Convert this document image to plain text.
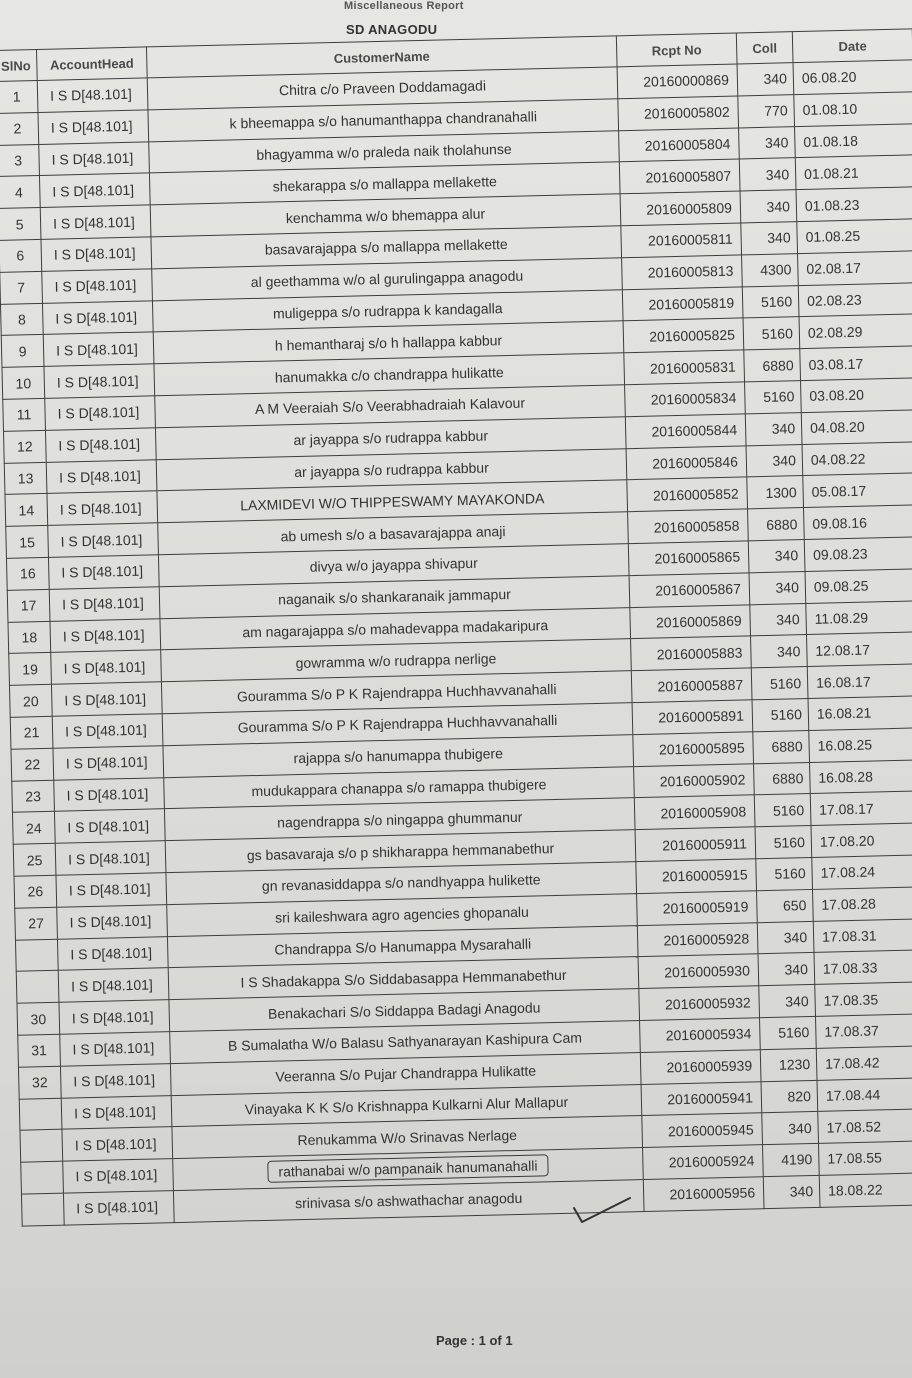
Miscellaneous Report
SD ANAGODU
SlNo	AccountHead	CustomerName	Rcpt No	Coll	Date
1	I S D[48.101]	Chitra c/o Praveen Doddamagadi	20160000869	340	06.08.20
2	I S D[48.101]	k bheemappa s/o hanumanthappa chandranahalli	20160005802	770	01.08.10
3	I S D[48.101]	bhagyamma w/o praleda naik tholahunse	20160005804	340	01.08.18
4	I S D[48.101]	shekarappa s/o mallappa mellakette	20160005807	340	01.08.21
5	I S D[48.101]	kenchamma w/o bhemappa alur	20160005809	340	01.08.23
6	I S D[48.101]	basavarajappa s/o mallappa mellakette	20160005811	340	01.08.25
7	I S D[48.101]	al geethamma w/o al gurulingappa anagodu	20160005813	4300	02.08.17
8	I S D[48.101]	muligeppa s/o rudrappa k kandagalla	20160005819	5160	02.08.23
9	I S D[48.101]	h hemantharaj s/o h hallappa kabbur	20160005825	5160	02.08.29
10	I S D[48.101]	hanumakka c/o chandrappa hulikatte	20160005831	6880	03.08.17
11	I S D[48.101]	A M Veeraiah S/o Veerabhadraiah Kalavour	20160005834	5160	03.08.20
12	I S D[48.101]	ar jayappa s/o rudrappa kabbur	20160005844	340	04.08.20
13	I S D[48.101]	ar jayappa s/o rudrappa kabbur	20160005846	340	04.08.22
14	I S D[48.101]	LAXMIDEVI W/O THIPPESWAMY MAYAKONDA	20160005852	1300	05.08.17
15	I S D[48.101]	ab umesh s/o a basavarajappa anaji	20160005858	6880	09.08.16
16	I S D[48.101]	divya w/o jayappa shivapur	20160005865	340	09.08.23
17	I S D[48.101]	naganaik s/o shankaranaik jammapur	20160005867	340	09.08.25
18	I S D[48.101]	am nagarajappa s/o mahadevappa madakaripura	20160005869	340	11.08.29
19	I S D[48.101]	gowramma w/o rudrappa nerlige	20160005883	340	12.08.17
20	I S D[48.101]	Gouramma S/o P K Rajendrappa Huchhavvanahalli	20160005887	5160	16.08.17
21	I S D[48.101]	Gouramma S/o P K Rajendrappa Huchhavvanahalli	20160005891	5160	16.08.21
22	I S D[48.101]	rajappa s/o hanumappa thubigere	20160005895	6880	16.08.25
23	I S D[48.101]	mudukappara chanappa s/o ramappa thubigere	20160005902	6880	16.08.28
24	I S D[48.101]	nagendrappa s/o ningappa ghummanur	20160005908	5160	17.08.17
25	I S D[48.101]	gs basavaraja s/o p shikharappa hemmanabethur	20160005911	5160	17.08.20
26	I S D[48.101]	gn revanasiddappa s/o nandhyappa hulikette	20160005915	5160	17.08.24
27	I S D[48.101]	sri kaileshwara agro agencies ghopanalu	20160005919	650	17.08.28
	I S D[48.101]	Chandrappa S/o Hanumappa Mysarahalli	20160005928	340	17.08.31
	I S D[48.101]	I S Shadakappa S/o Siddabasappa Hemmanabethur	20160005930	340	17.08.33
30	I S D[48.101]	Benakachari S/o Siddappa Badagi Anagodu	20160005932	340	17.08.35
31	I S D[48.101]	B Sumalatha W/o Balasu Sathyanarayan Kashipura Cam	20160005934	5160	17.08.37
32	I S D[48.101]	Veeranna S/o Pujar Chandrappa Hulikatte	20160005939	1230	17.08.42
	I S D[48.101]	Vinayaka K K S/o Krishnappa Kulkarni Alur Mallapur	20160005941	820	17.08.44
	I S D[48.101]	Renukamma W/o Srinavas Nerlage	20160005945	340	17.08.52
	I S D[48.101]	rathanabai w/o pampanaik hanumanahalli	20160005924	4190	17.08.55
	I S D[48.101]	srinivasa s/o ashwathachar anagodu	20160005956	340	18.08.22
Page : 1 of 1
